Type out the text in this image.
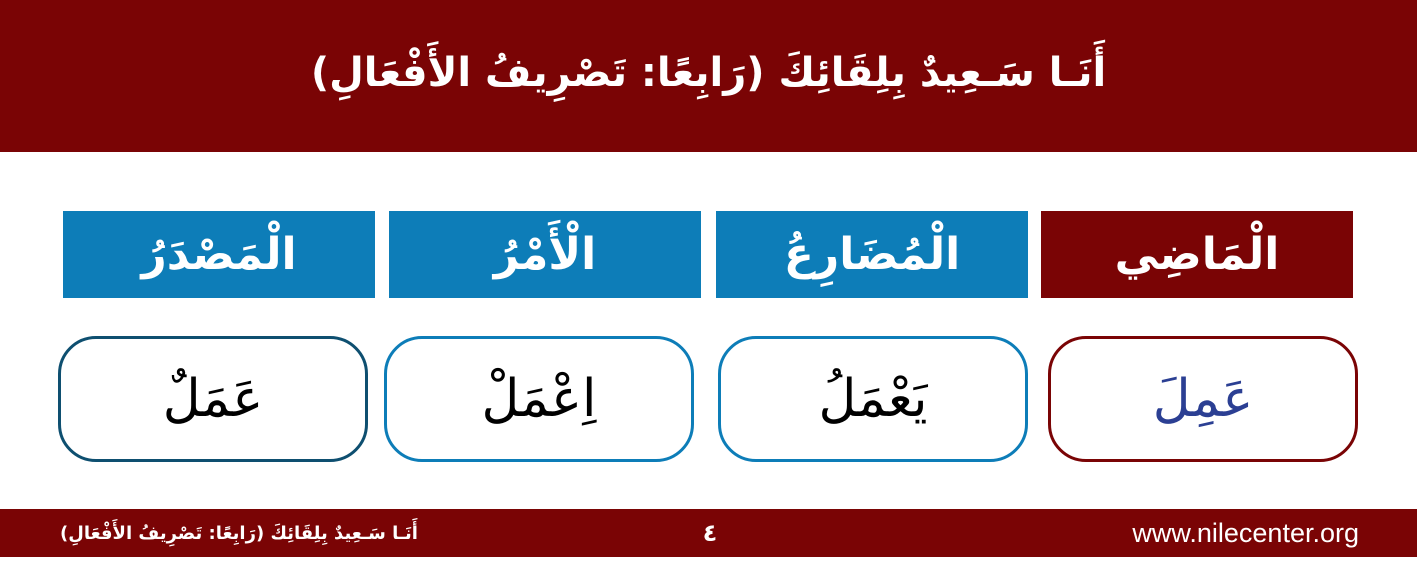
أَنَـا سَـعِيدٌ بِلِقَائِكَ (رَابِعًا: تَصْرِيفُ الأَفْعَالِ)
الْمَصْدَرُ	الْأَمْرُ	الْمُضَارِعُ	الْمَاضِي
عَمَلٌ	اِعْمَلْ	يَعْمَلُ	عَمِلَ
أَنَـا سَـعِيدٌ بِلِقَائِكَ (رَابِعًا: تَصْرِيفُ الأَفْعَالِ)	٤	www.nilecenter.org
